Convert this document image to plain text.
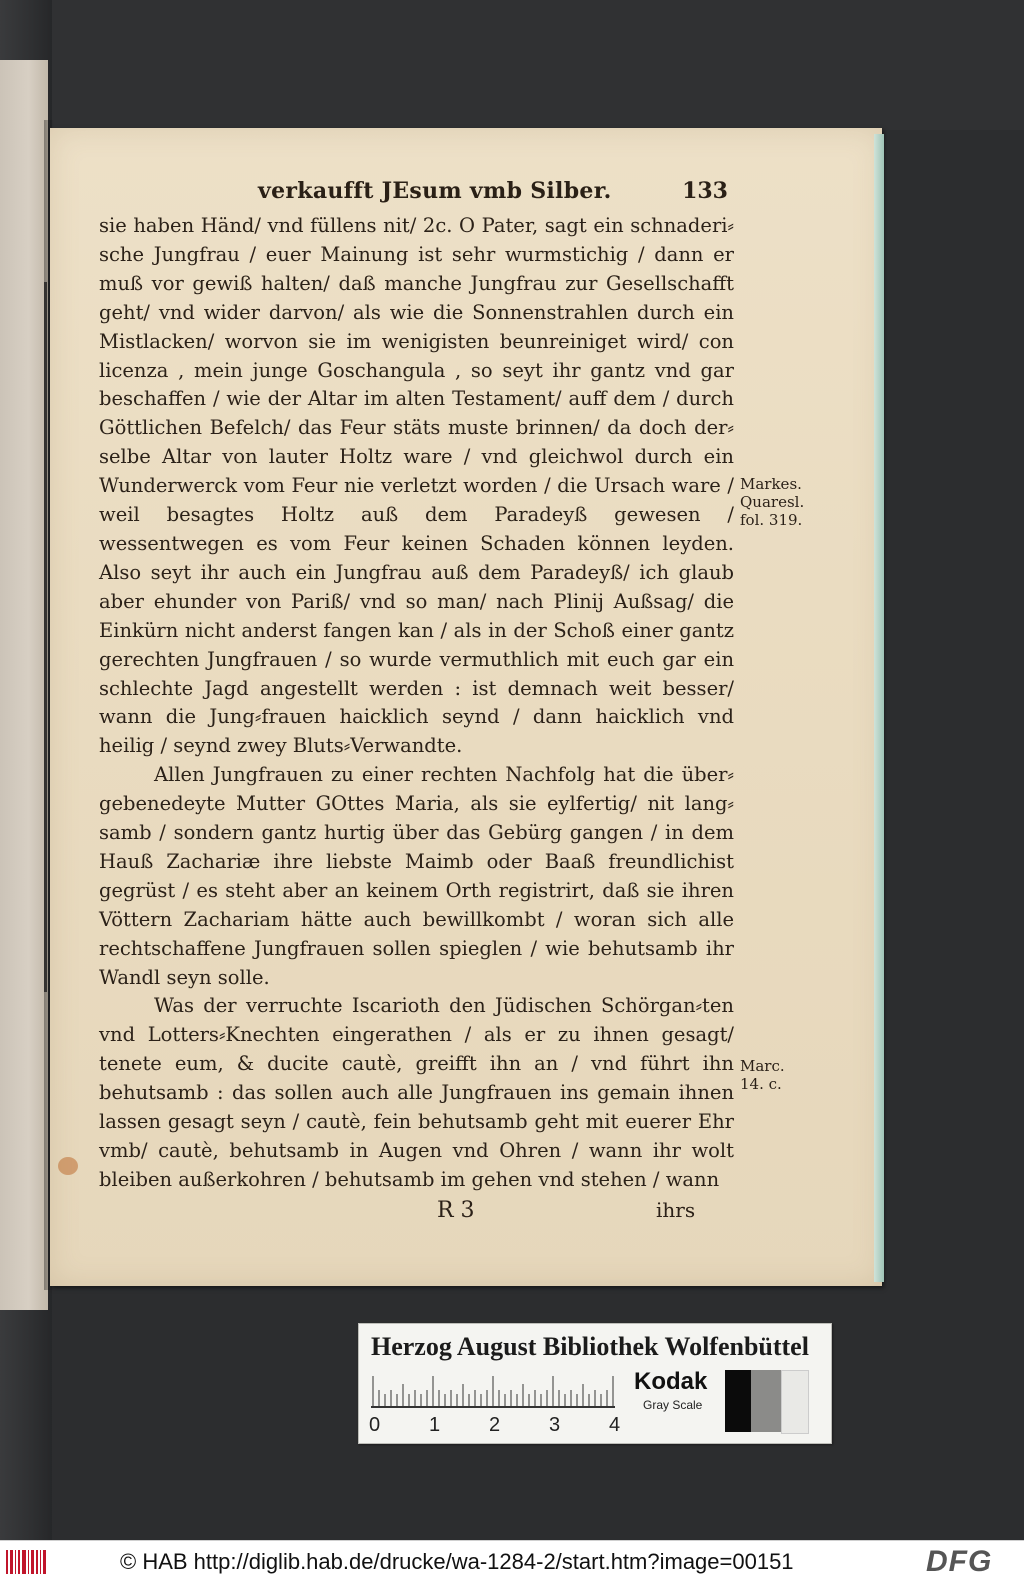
verkaufft JEsum vmb Silber.	133

sie haben Händ/ vnd füllens nit/ 2c. O Pater, sagt ein schnaderi⸗sche Jungfrau / euer Mainung ist sehr wurmstichig / dann er muß vor gewiß halten/ daß manche Jungfrau zur Gesellschafft geht/ vnd wider darvon/ als wie die Sonnenstrahlen durch ein Mistlacken/ worvon sie im wenigisten beunreiniget wird/ con licenza , mein junge Goschangula , so seyt ihr gantz vnd gar beschaffen / wie der Altar im alten Testament/ auff dem / durch Göttlichen Befelch/ das Feur stäts muste brinnen/ da doch der⸗selbe Altar von lauter Holtz ware / vnd gleichwol durch ein Wunderwerck vom Feur nie verletzt worden / die Ursach ware / weil besagtes Holtz auß dem Paradeyß gewesen / wessentwegen es vom Feur keinen Schaden können leyden. Also seyt ihr auch ein Jungfrau auß dem Paradeyß/ ich glaub aber ehunder von Pariß/ vnd so man/ nach Plinij Außsag/ die Einkürn nicht anderst fangen kan / als in der Schoß einer gantz gerechten Jungfrauen / so wurde vermuthlich mit euch gar ein schlechte Jagd angestellt werden : ist demnach weit besser/ wann die Jung⸗frauen haicklich seynd / dann haicklich vnd heilig / seynd zwey Bluts⸗Verwandte.

Allen Jungfrauen zu einer rechten Nachfolg hat die über⸗gebenedeyte Mutter GOttes Maria, als sie eylfertig/ nit lang⸗samb / sondern gantz hurtig über das Gebürg gangen / in dem Hauß Zachariæ ihre liebste Maimb oder Baaß freundlichist gegrüst / es steht aber an keinem Orth registrirt, daß sie ihren Vöttern Zachariam hätte auch bewillkombt / woran sich alle rechtschaffene Jungfrauen sollen spieglen / wie behutsamb ihr Wandl seyn solle.

Was der verruchte Iscarioth den Jüdischen Schörgan⸗ten vnd Lotters⸗Knechten eingerathen / als er zu ihnen gesagt/ tenete eum, & ducite cautè, greifft ihn an / vnd führt ihn behutsamb : das sollen auch alle Jungfrauen ins gemain ihnen lassen gesagt seyn / cautè, fein behutsamb geht mit euerer Ehr vmb/ cautè, behutsamb in Augen vnd Ohren / wann ihr wolt bleiben außerkohren / behutsamb im gehen vnd stehen / wann

Markes. Quaresl. fol. 319.
Marc. 14. c.
R 3	ihrs
Herzog August Bibliothek Wolfenbüttel
0 1 2 3 4
Kodak
Gray Scale
© HAB http://diglib.hab.de/drucke/wa-1284-2/start.htm?image=00151	DFG
